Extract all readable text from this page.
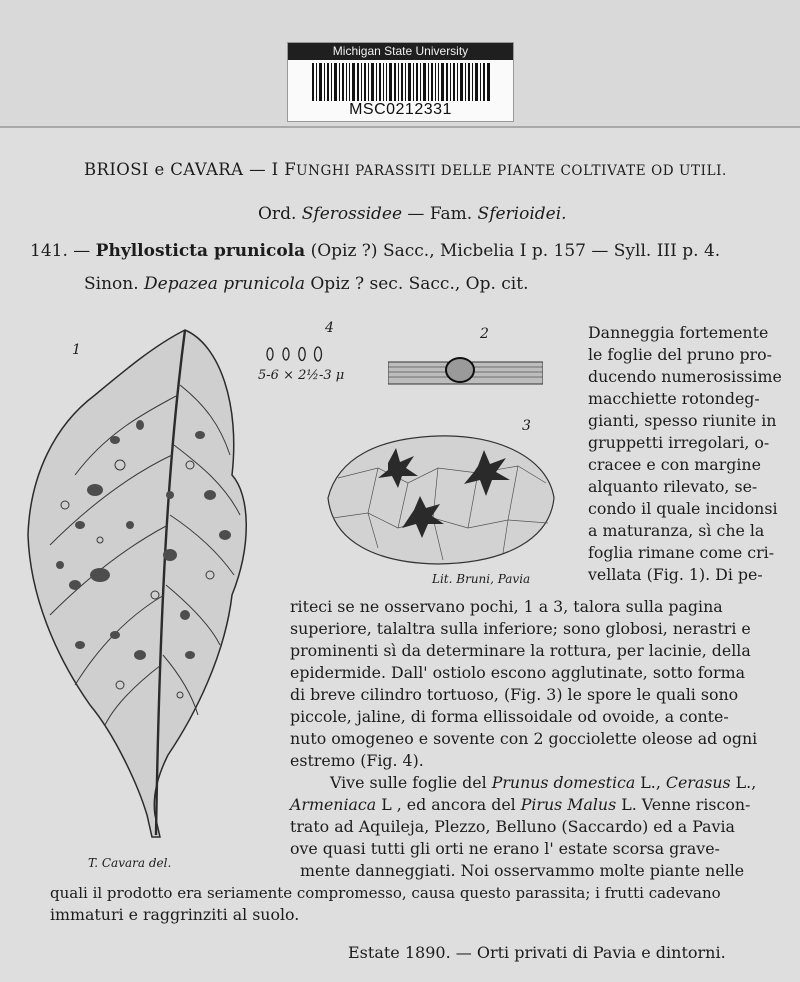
Michigan State University
MSC0212331
BRIOSI e CAVARA — I FUNGHI PARASSITI DELLE PIANTE COLTIVATE OD UTILI.
Ord. Sferossidee — Fam. Sferioidei.
141. — Phyllosticta prunicola (Opiz ?) Sacc., Micbelia I p. 157 — Syll. III p. 4.
Sinon. Depazea prunicola Opiz ? sec. Sacc., Op. cit.
1
4
5-6 × 2½-3 μ
2
3
Lit. Bruni, Pavia
T. Cavara del.
Danneggia fortemente
le foglie del pruno pro-
ducendo numerosissime
macchiette rotondeg-
gianti, spesso riunite in
gruppetti irregolari, o-
cracee e con margine
alquanto rilevato, se-
condo il quale incidonsi
a maturanza, sì che la
foglia rimane come cri-
vellata (Fig. 1). Di pe-
riteci se ne osservano pochi, 1 a 3, talora sulla pagina
superiore, talaltra sulla inferiore; sono globosi, nerastri e
prominenti sì da determinare la rottura, per lacinie, della
epidermide. Dall' ostiolo escono agglutinate, sotto forma
di breve cilindro tortuoso, (Fig. 3) le spore le quali sono
piccole, jaline, di forma ellissoidale od ovoide, a conte-
nuto omogeneo e sovente con 2 gocciolette oleose ad ogni
estremo (Fig. 4).
Vive sulle foglie del Prunus domestica L., Cerasus L.,
Armeniaca L , ed ancora del Pirus Malus L. Venne riscon-
trato ad Aquileja, Plezzo, Belluno (Saccardo) ed a Pavia
ove quasi tutti gli orti ne erano l' estate scorsa grave-
mente danneggiati. Noi osservammo molte piante nelle
quali il prodotto era seriamente compromesso, causa questo parassita; i frutti cadevano
immaturi e raggrinziti al suolo.
Estate 1890. — Orti privati di Pavia e dintorni.
